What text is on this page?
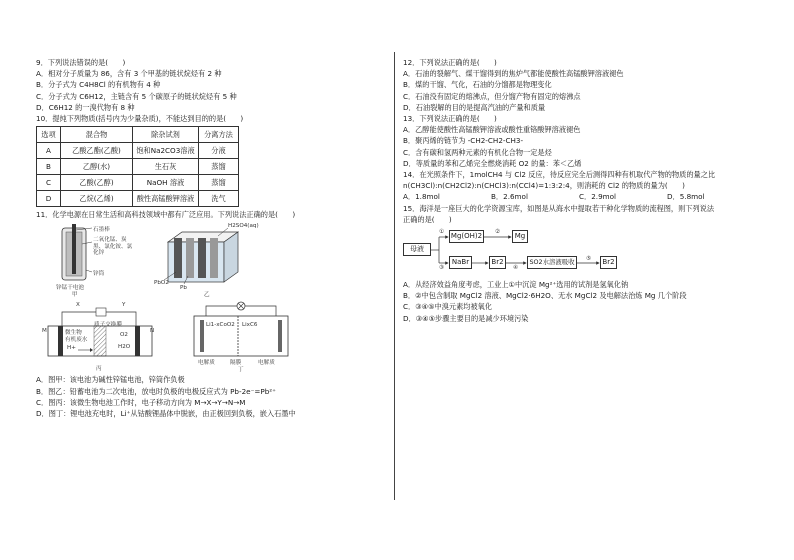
9．下列说法错误的是(　　)
A．相对分子质量为 86，含有 3 个甲基的链状烷烃有 2 种
B．分子式为 C4H8Cl 的有机物有 4 种
C．分子式为 C6H12，主链含有 5 个碳原子的链状烷烃有 5 种
D．C6H12 的一溴代物有 8 种
10．提纯下列物质(括号内为少量杂质)，不能达到目的的是(　　)
选项	混合物	除杂试剂	分离方法
A	乙酸乙酯(乙酸)	饱和Na2CO3溶液	分液
B	乙醇(水)	生石灰	蒸馏
C	乙酸(乙醇)	NaOH 溶液	蒸馏
D	乙烷(乙烯)	酸性高锰酸钾溶液	洗气
11．化学电源在日常生活和高科技领域中都有广泛应用。下列说法正确的是(　　)
石墨棒
二氧化锰、炭黑、氯化铵、氯化锌
锌筒
锌锰干电池
甲
H2SO4(aq)
PbO2
Pb
乙
X	Y
M	N
微生物
有机废水
H+
质子交换膜
O2
H2O
丙
Li1-xCoO2 LixC6
电解质	隔膜	电解质
丁
A．图甲：该电池为碱性锌锰电池，锌筒作负极
B．图乙：铅蓄电池为二次电池，放电时负极的电极反应式为 Pb-2e⁻=Pb²⁺
C．图丙：该微生物电池工作时，电子移动方向为 M→X→Y→N→M
D．图丁：锂电池充电时，Li⁺从钴酸锂晶体中脱嵌，由正极回到负极，嵌入石墨中
12．下列说法正确的是(　　)
A．石油的裂解气、煤干馏得到的焦炉气都能使酸性高锰酸钾溶液褪色
B．煤的干馏、气化，石油的分馏都是物理变化
C．石油没有固定的熔沸点，但分馏产物有固定的熔沸点
D．石油裂解的目的是提高汽油的产量和质量
13．下列说法正确的是(　　)
A．乙醇能使酸性高锰酸钾溶液或酸性重铬酸钾溶液褪色
B．聚丙烯的链节为 -CH2-CH2-CH3-
C．含有碳和氢两种元素的有机化合物一定是烃
D．等质量的苯和乙烯完全燃烧消耗 O2 的量：苯＜乙烯
14．在光照条件下，1molCH4 与 Cl2 反应，待反应完全后测得四种有机取代产物的物质的量之比
n(CH3Cl):n(CH2Cl2):n(CHCl3):n(CCl4)=1:3:2:4，则消耗的 Cl2 的物质的量为(　　)
A．1.8mol	B．2.6mol	C．2.9mol	D．5.8mol
15．海洋是一座巨大的化学资源宝库，如图是从海水中提取若干种化学物质的流程图，则下列说法
正确的是(　　)
母液
①
③
Mg(OH)2	②	Mg
NaBr	Br2
④
SO2水溶液吸收	⑤	Br2
A．从经济效益角度考虑，工业上①中沉淀 Mg²⁺选用的试剂是氢氧化钠
B．②中包含制取 MgCl2 溶液、MgCl2·6H2O、无水 MgCl2 及电解法治炼 Mg 几个阶段
C．③④⑤中溴元素均被氧化
D．③④⑤步骤主要目的是减少环境污染
